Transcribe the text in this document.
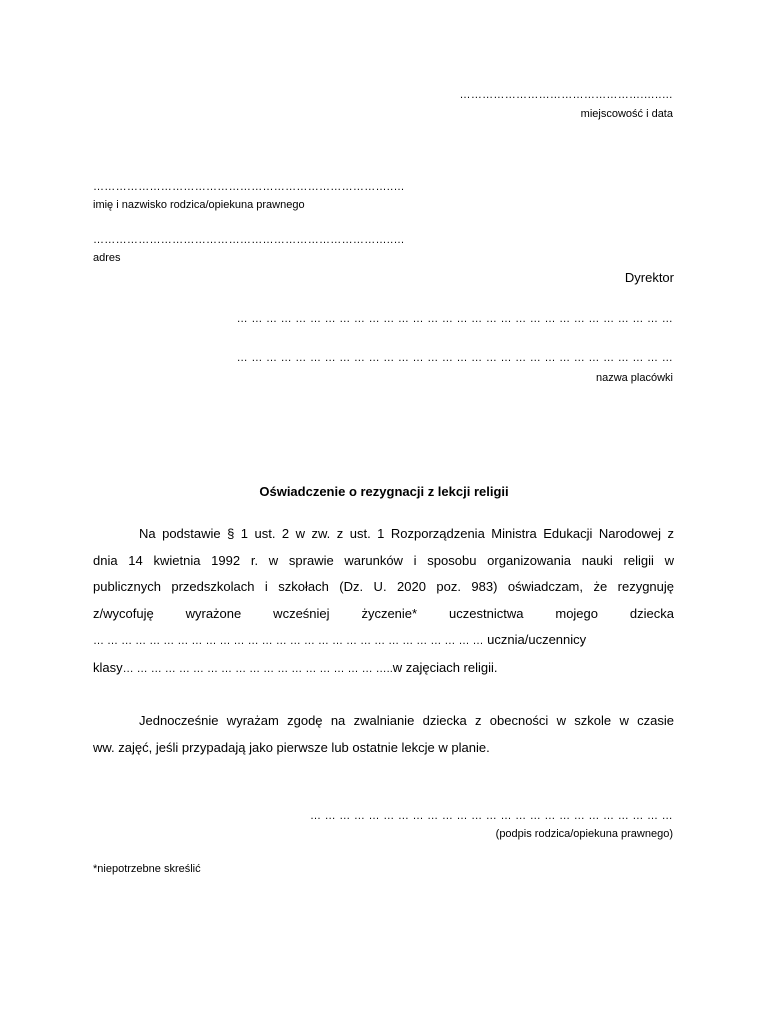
………………………………………….…..…
miejscowość i data
……………………………………………………………………..…
imię i nazwisko rodzica/opiekuna prawnego
……………………………………………………………………..…
adres
Dyrektor
… … … … … … … … … … … … … … … … … … … … … … … … … … … … … …
… … … … … … … … … … … … … … … … … … … … … … … … … … … … … …
nazwa placówki
Oświadczenie o rezygnacji z lekcji religii
Na podstawie § 1 ust. 2 w zw. z ust. 1 Rozporządzenia Ministra Edukacji Narodowej z
dnia 14 kwietnia 1992 r. w sprawie warunków i sposobu organizowania nauki religii w
publicznych przedszkolach i szkołach (Dz. U. 2020 poz. 983) oświadczam, że rezygnuję
z/wycofuję wyrażone wcześniej życzenie* uczestnictwa mojego dziecka
… … … … … … … … … … … … … … … … … … … … … … … … … … … … ucznia/uczennicy
klasy… … … … … … … … … … … … … … … … … … …..w zajęciach religii.
Jednocześnie wyrażam zgodę na zwalnianie dziecka z obecności w szkole w czasie
ww. zajęć, jeśli przypadają jako pierwsze lub ostatnie lekcje w planie.
… … … … … … … … … … … … … … … … … … … … … … … … …
(podpis rodzica/opiekuna prawnego)
*niepotrzebne skreślić
